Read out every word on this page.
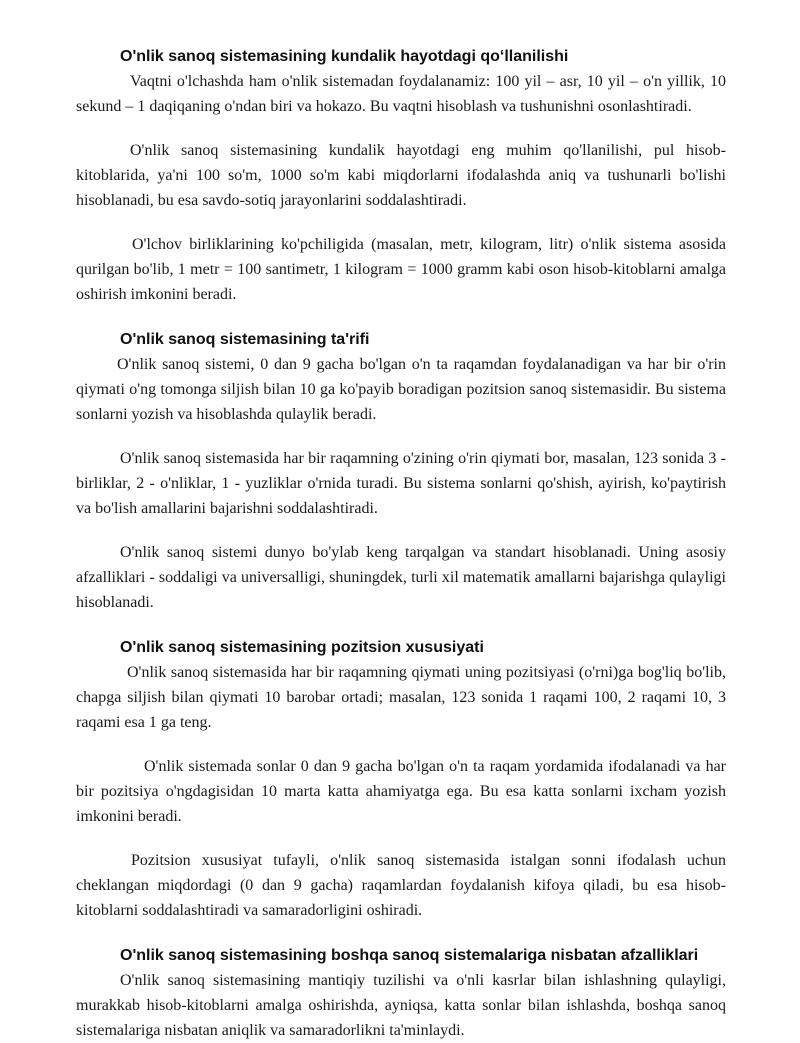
O'nlik sanoq sistemasining kundalik hayotdagi qoʻllanilishi

Vaqtni o'lchashda ham o'nlik sistemadan foydalanamiz: 100 yil – asr, 10 yil – o'n yillik, 10 sekund – 1 daqiqaning o'ndan biri va hokazo. Bu vaqtni hisoblash va tushunishni osonlashtiradi.

O'nlik sanoq sistemasining kundalik hayotdagi eng muhim qo'llanilishi, pul hisob-kitoblarida, ya'ni 100 so'm, 1000 so'm kabi miqdorlarni ifodalashda aniq va tushunarli bo'lishi hisoblanadi, bu esa savdo-sotiq jarayonlarini soddalashtiradi.

O'lchov birliklarining ko'pchiligida (masalan, metr, kilogram, litr) o'nlik sistema asosida qurilgan bo'lib, 1 metr = 100 santimetr, 1 kilogram = 1000 gramm kabi oson hisob-kitoblarni amalga oshirish imkonini beradi.

O'nlik sanoq sistemasining ta'rifi

O'nlik sanoq sistemi, 0 dan 9 gacha bo'lgan o'n ta raqamdan foydalanadigan va har bir o'rin qiymati o'ng tomonga siljish bilan 10 ga ko'payib boradigan pozitsion sanoq sistemasidir. Bu sistema sonlarni yozish va hisoblashda qulaylik beradi.

O'nlik sanoq sistemasida har bir raqamning o'zining o'rin qiymati bor, masalan, 123 sonida 3 - birliklar, 2 - o'nliklar, 1 - yuzliklar o'rnida turadi. Bu sistema sonlarni qo'shish, ayirish, ko'paytirish va bo'lish amallarini bajarishni soddalashtiradi.

O'nlik sanoq sistemi dunyo bo'ylab keng tarqalgan va standart hisoblanadi. Uning asosiy afzalliklari - soddaligi va universalligi, shuningdek, turli xil matematik amallarni bajarishga qulayligi hisoblanadi.

O'nlik sanoq sistemasining pozitsion xususiyati

O'nlik sanoq sistemasida har bir raqamning qiymati uning pozitsiyasi (o'rni)ga bog'liq bo'lib, chapga siljish bilan qiymati 10 barobar ortadi; masalan, 123 sonida 1 raqami 100, 2 raqami 10, 3 raqami esa 1 ga teng.

O'nlik sistemada sonlar 0 dan 9 gacha bo'lgan o'n ta raqam yordamida ifodalanadi va har bir pozitsiya o'ngdagisidan 10 marta katta ahamiyatga ega. Bu esa katta sonlarni ixcham yozish imkonini beradi.

Pozitsion xususiyat tufayli, o'nlik sanoq sistemasida istalgan sonni ifodalash uchun cheklangan miqdordagi (0 dan 9 gacha) raqamlardan foydalanish kifoya qiladi, bu esa hisob-kitoblarni soddalashtiradi va samaradorligini oshiradi.

O'nlik sanoq sistemasining boshqa sanoq sistemalariga nisbatan afzalliklari

O'nlik sanoq sistemasining mantiqiy tuzilishi va o'nli kasrlar bilan ishlashning qulayligi, murakkab hisob-kitoblarni amalga oshirishda, ayniqsa, katta sonlar bilan ishlashda, boshqa sanoq sistemalariga nisbatan aniqlik va samaradorlikni ta'minlaydi.
